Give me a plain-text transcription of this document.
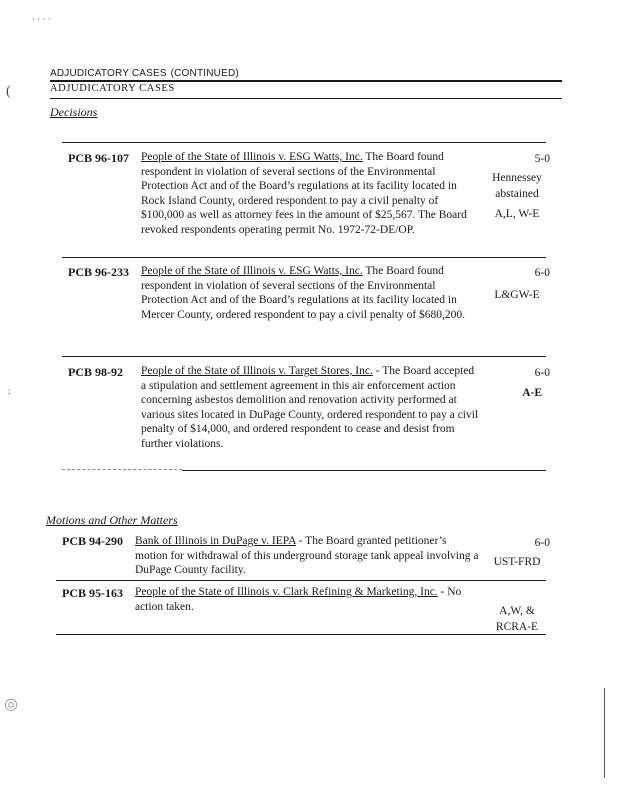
· · · ·
(
:
◎
ADJUDICATORY CASES (CONTINUED)
ADJUDICATORY CASES
Decisions
PCB 96-107 People of the State of Illinois v. ESG Watts, Inc. The Board found respondent in violation of several sections of the Environmental Protection Act and of the Board’s regulations at its facility located in Rock Island County, ordered respondent to pay a civil penalty of $100,000 as well as attorney fees in the amount of $25,567. The Board revoked respondents operating permit No. 1972-72-DE/OP.
5-0
Hennessey
abstained
A,L, W-E
PCB 96-233 People of the State of Illinois v. ESG Watts, Inc. The Board found respondent in violation of several sections of the Environmental Protection Act and of the Board’s regulations at its facility located in Mercer County, ordered respondent to pay a civil penalty of $680,200.
6-0
L&GW-E
PCB 98-92 People of the State of Illinois v. Target Stores, Inc. - The Board accepted a stipulation and settlement agreement in this air enforcement action concerning asbestos demolition and renovation activity performed at various sites located in DuPage County, ordered respondent to pay a civil penalty of $14,000, and ordered respondent to cease and desist from further violations.
6-0
A-E
Motions and Other Matters
PCB 94-290 Bank of Illinois in DuPage v. IEPA - The Board granted petitioner’s motion for withdrawal of this underground storage tank appeal involving a DuPage County facility.
6-0
UST-FRD
PCB 95-163 People of the State of Illinois v. Clark Refining & Marketing, Inc. - No action taken.	A,W, &
RCRA-E
